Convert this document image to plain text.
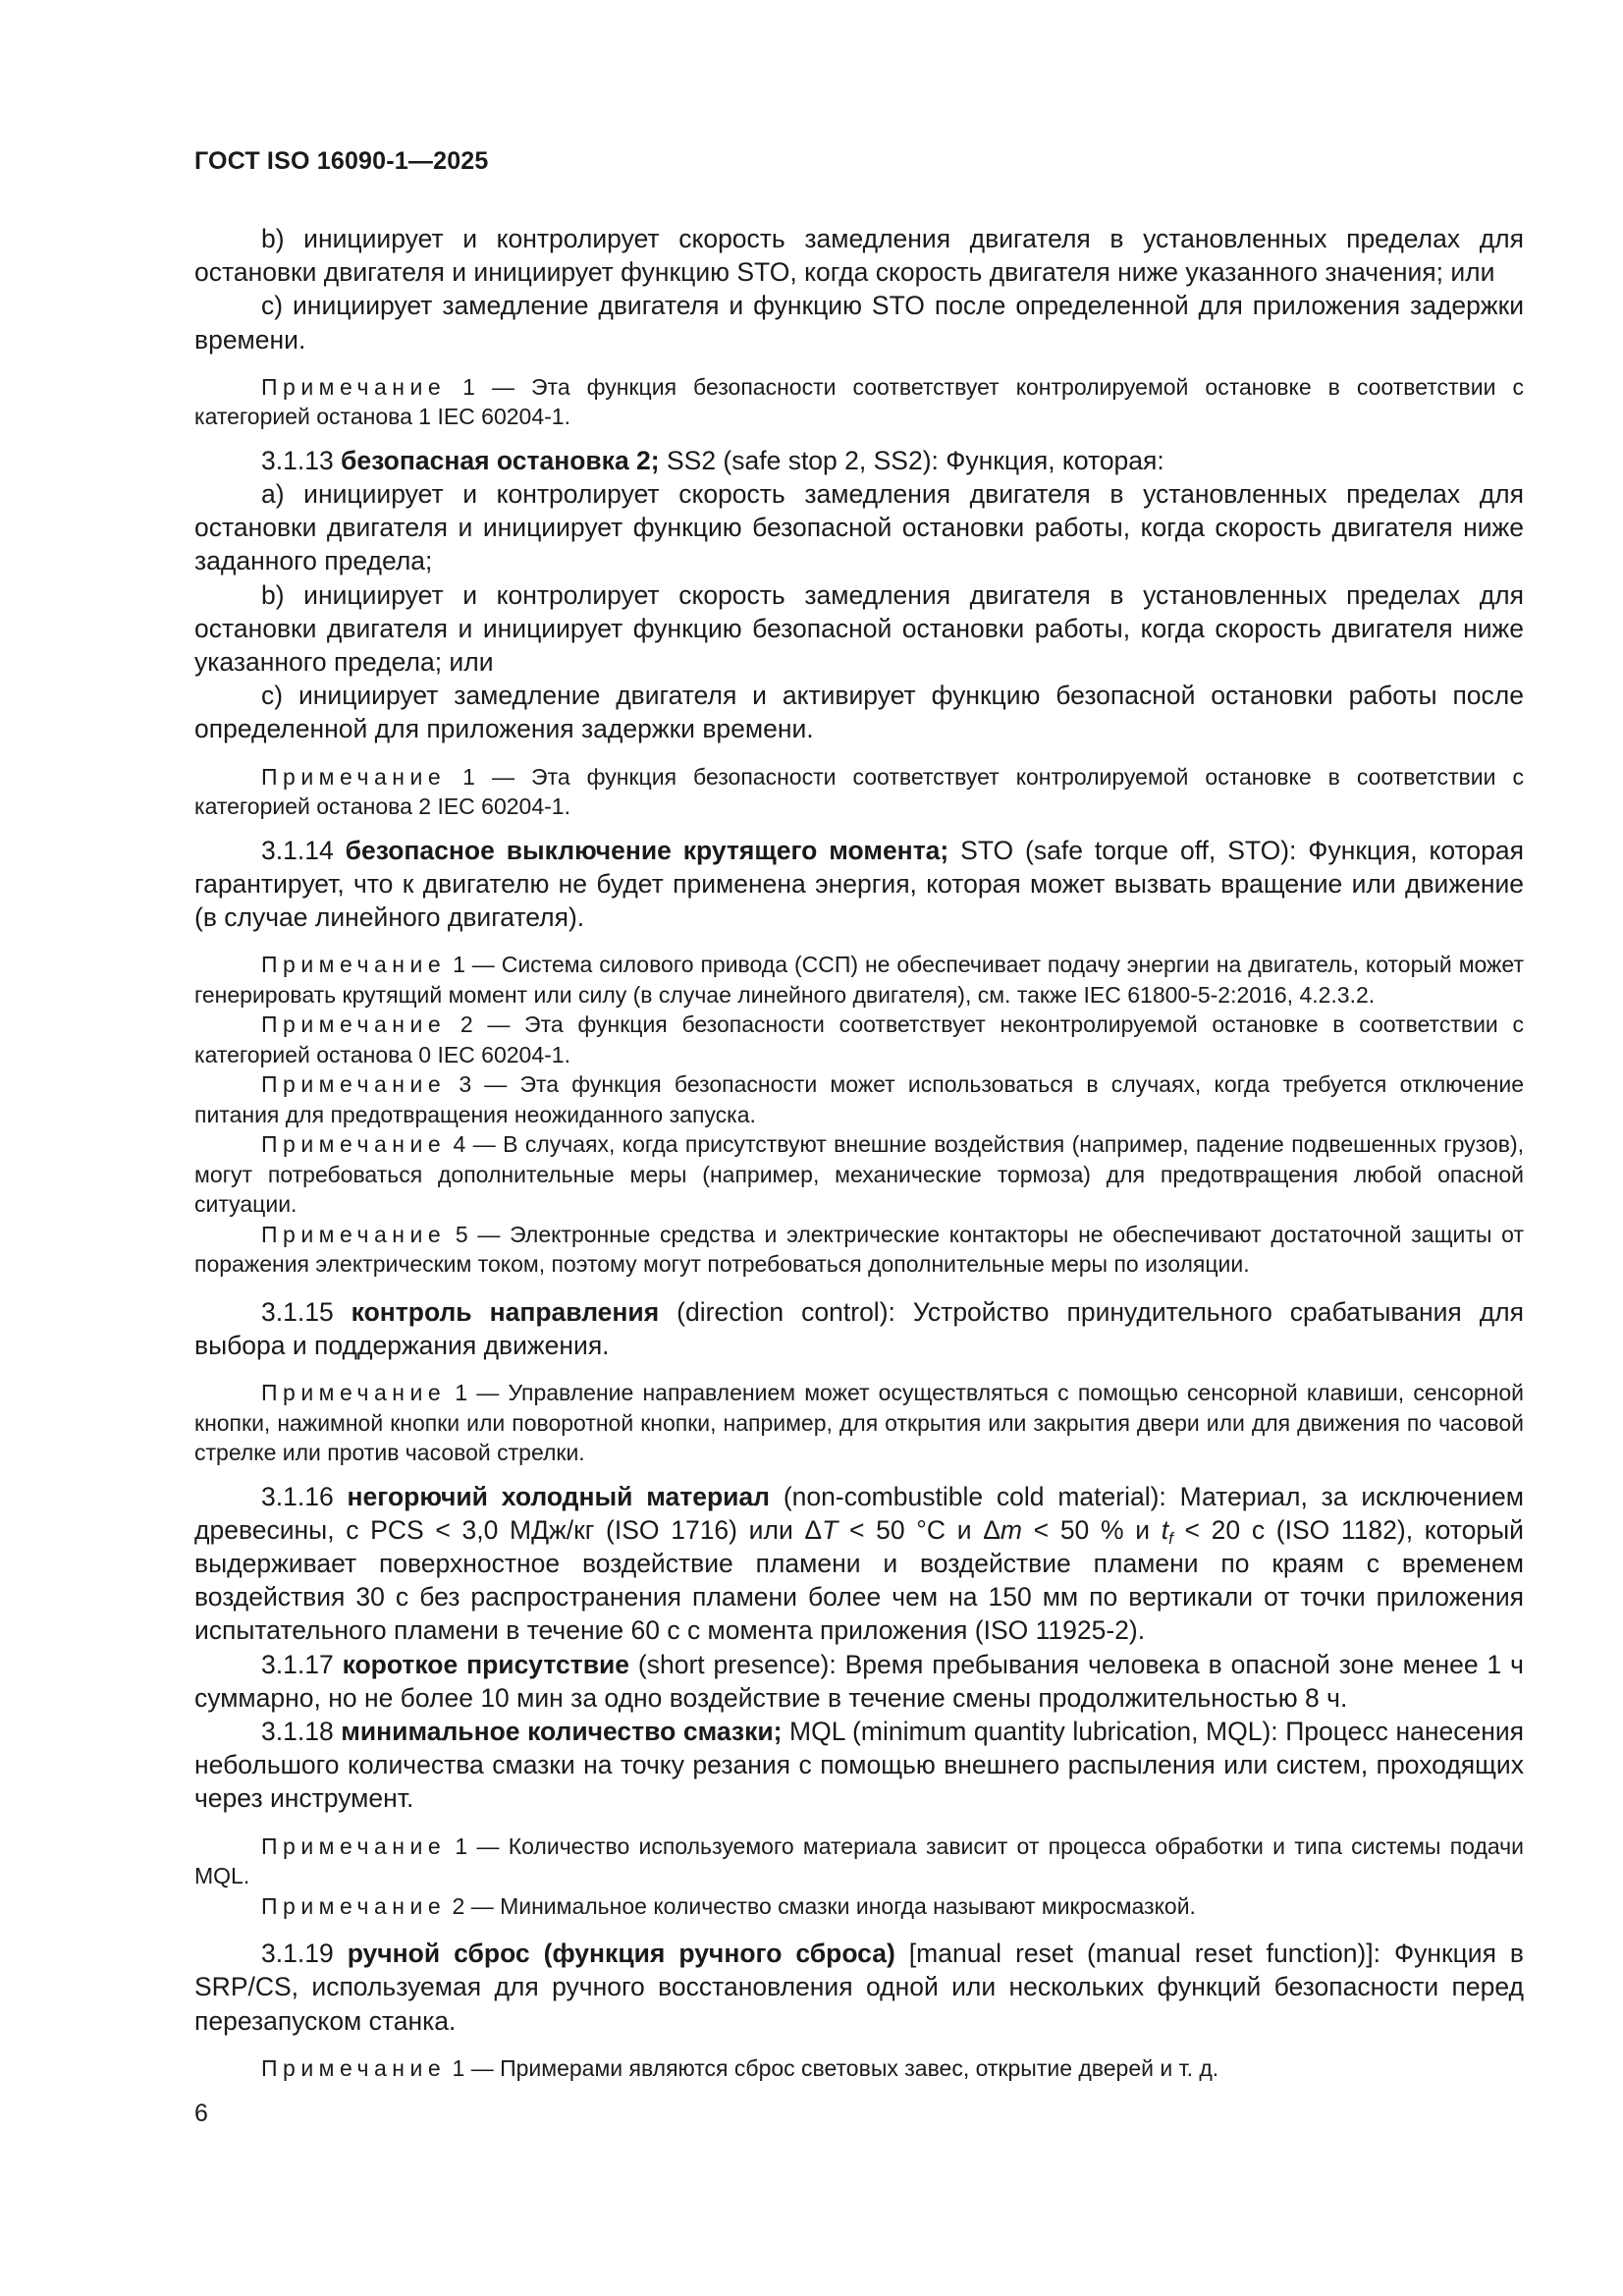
ГОСТ ISO 16090-1—2025

b) инициирует и контролирует скорость замедления двигателя в установленных пределах для остановки двигателя и инициирует функцию STO, когда скорость двигателя ниже указанного значения; или

c) инициирует замедление двигателя и функцию STO после определенной для приложения задержки времени.

Примечание 1 — Эта функция безопасности соответствует контролируемой остановке в соответствии с категорией останова 1 IEC 60204-1.

3.1.13 безопасная остановка 2; SS2 (safe stop 2, SS2): Функция, которая:

a) инициирует и контролирует скорость замедления двигателя в установленных пределах для остановки двигателя и инициирует функцию безопасной остановки работы, когда скорость двигателя ниже заданного предела;

b) инициирует и контролирует скорость замедления двигателя в установленных пределах для остановки двигателя и инициирует функцию безопасной остановки работы, когда скорость двигателя ниже указанного предела; или

c) инициирует замедление двигателя и активирует функцию безопасной остановки работы после определенной для приложения задержки времени.

Примечание 1 — Эта функция безопасности соответствует контролируемой остановке в соответствии с категорией останова 2 IEC 60204-1.

3.1.14 безопасное выключение крутящего момента; STO (safe torque off, STO): Функция, которая гарантирует, что к двигателю не будет применена энергия, которая может вызвать вращение или движение (в случае линейного двигателя).

Примечание 1 — Система силового привода (ССП) не обеспечивает подачу энергии на двигатель, который может генерировать крутящий момент или силу (в случае линейного двигателя), см. также IEC 61800-5-2:2016, 4.2.3.2.

Примечание 2 — Эта функция безопасности соответствует неконтролируемой остановке в соответствии с категорией останова 0 IEC 60204-1.

Примечание 3 — Эта функция безопасности может использоваться в случаях, когда требуется отключение питания для предотвращения неожиданного запуска.

Примечание 4 — В случаях, когда присутствуют внешние воздействия (например, падение подвешенных грузов), могут потребоваться дополнительные меры (например, механические тормоза) для предотвращения любой опасной ситуации.

Примечание 5 — Электронные средства и электрические контакторы не обеспечивают достаточной защиты от поражения электрическим током, поэтому могут потребоваться дополнительные меры по изоляции.

3.1.15 контроль направления (direction control): Устройство принудительного срабатывания для выбора и поддержания движения.

Примечание 1 — Управление направлением может осуществляться с помощью сенсорной клавиши, сенсорной кнопки, нажимной кнопки или поворотной кнопки, например, для открытия или закрытия двери или для движения по часовой стрелке или против часовой стрелки.

3.1.16 негорючий холодный материал (non-combustible cold material): Материал, за исключением древесины, с PCS < 3,0 МДж/кг (ISO 1716) или ΔT < 50 °C и Δm < 50 % и $t_f < 20$ с (ISO 1182), который выдерживает поверхностное воздействие пламени и воздействие пламени по краям с временем воздействия 30 с без распространения пламени более чем на 150 мм по вертикали от точки приложения испытательного пламени в течение 60 с с момента приложения (ISO 11925-2).

3.1.17 короткое присутствие (short presence): Время пребывания человека в опасной зоне менее 1 ч суммарно, но не более 10 мин за одно воздействие в течение смены продолжительностью 8 ч.

3.1.18 минимальное количество смазки; MQL (minimum quantity lubrication, MQL): Процесс нанесения небольшого количества смазки на точку резания с помощью внешнего распыления или систем, проходящих через инструмент.

Примечание 1 — Количество используемого материала зависит от процесса обработки и типа системы подачи MQL.

Примечание 2 — Минимальное количество смазки иногда называют микросмазкой.

3.1.19 ручной сброс (функция ручного сброса) [manual reset (manual reset function)]: Функция в SRP/CS, используемая для ручного восстановления одной или нескольких функций безопасности перед перезапуском станка.

Примечание 1 — Примерами являются сброс световых завес, открытие дверей и т. д.

6
